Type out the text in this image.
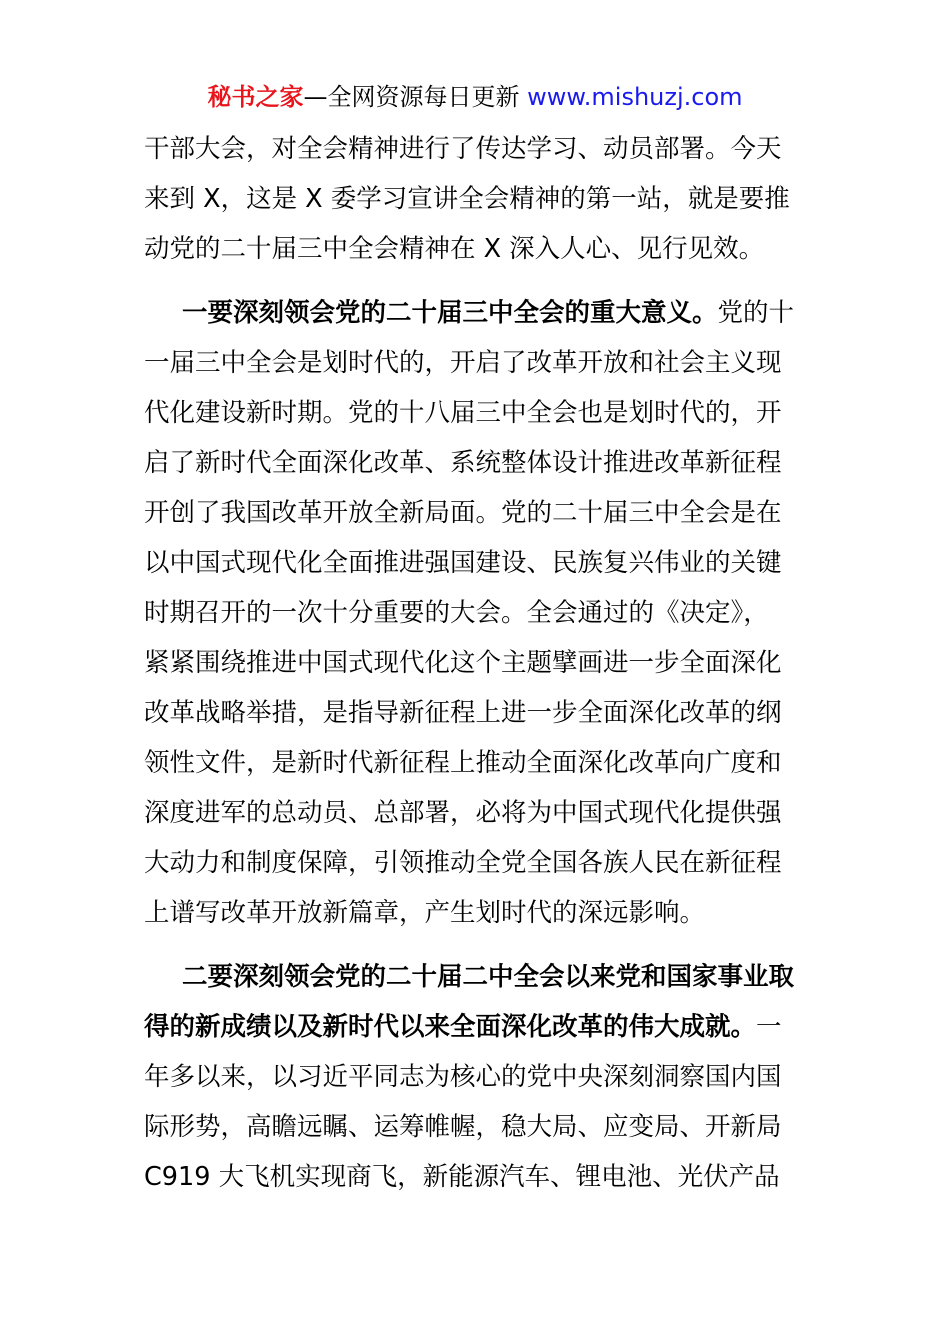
秘书之家—全网资源每日更新 www.mishuzj.com
干部大会，对全会精神进行了传达学习、动员部署。今天
来到 X，这是 X 委学习宣讲全会精神的第一站，就是要推
动党的二十届三中全会精神在 X 深入人心、见行见效。
一要深刻领会党的二十届三中全会的重大意义。党的十
一届三中全会是划时代的，开启了改革开放和社会主义现
代化建设新时期。党的十八届三中全会也是划时代的，开
启了新时代全面深化改革、系统整体设计推进改革新征程
开创了我国改革开放全新局面。党的二十届三中全会是在
以中国式现代化全面推进强国建设、民族复兴伟业的关键
时期召开的一次十分重要的大会。全会通过的《决定》，
紧紧围绕推进中国式现代化这个主题擘画进一步全面深化
改革战略举措，是指导新征程上进一步全面深化改革的纲
领性文件，是新时代新征程上推动全面深化改革向广度和
深度进军的总动员、总部署，必将为中国式现代化提供强
大动力和制度保障，引领推动全党全国各族人民在新征程
上谱写改革开放新篇章，产生划时代的深远影响。
二要深刻领会党的二十届二中全会以来党和国家事业取
得的新成绩以及新时代以来全面深化改革的伟大成就。一
年多以来，以习近平同志为核心的党中央深刻洞察国内国
际形势，高瞻远瞩、运筹帷幄，稳大局、应变局、开新局
C919 大飞机实现商飞，新能源汽车、锂电池、光伏产品
